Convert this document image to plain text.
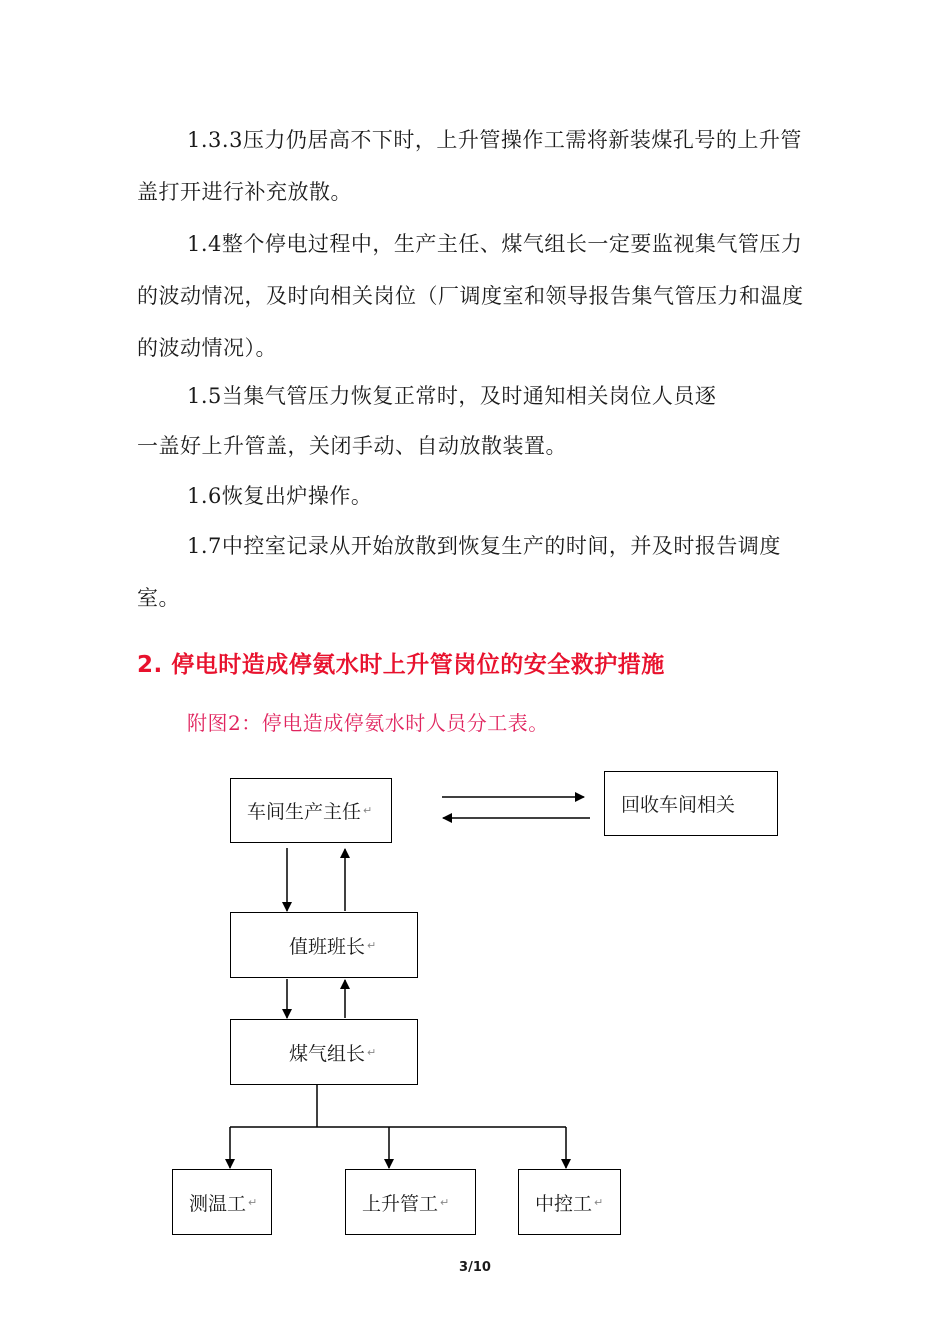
1.3.3压力仍居高不下时，上升管操作工需将新装煤孔号的上升管盖打开进行补充放散。

1.4整个停电过程中，生产主任、煤气组长一定要监视集气管压力的波动情况，及时向相关岗位（厂调度室和领导报告集气管压力和温度的波动情况）。

1.5当集气管压力恢复正常时，及时通知相关岗位人员逐

一盖好上升管盖，关闭手动、自动放散装置。

1.6恢复出炉操作。

1.7中控室记录从开始放散到恢复生产的时间，并及时报告调度室。

2. 停电时造成停氨水时上升管岗位的安全救护措施

附图2：停电造成停氨水时人员分工表。

车间生产主任 ↵	回收车间相关
值班班长 ↵
煤气组长 ↵
测温工 ↵	上升管工 ↵	中控工 ↵
3/10
